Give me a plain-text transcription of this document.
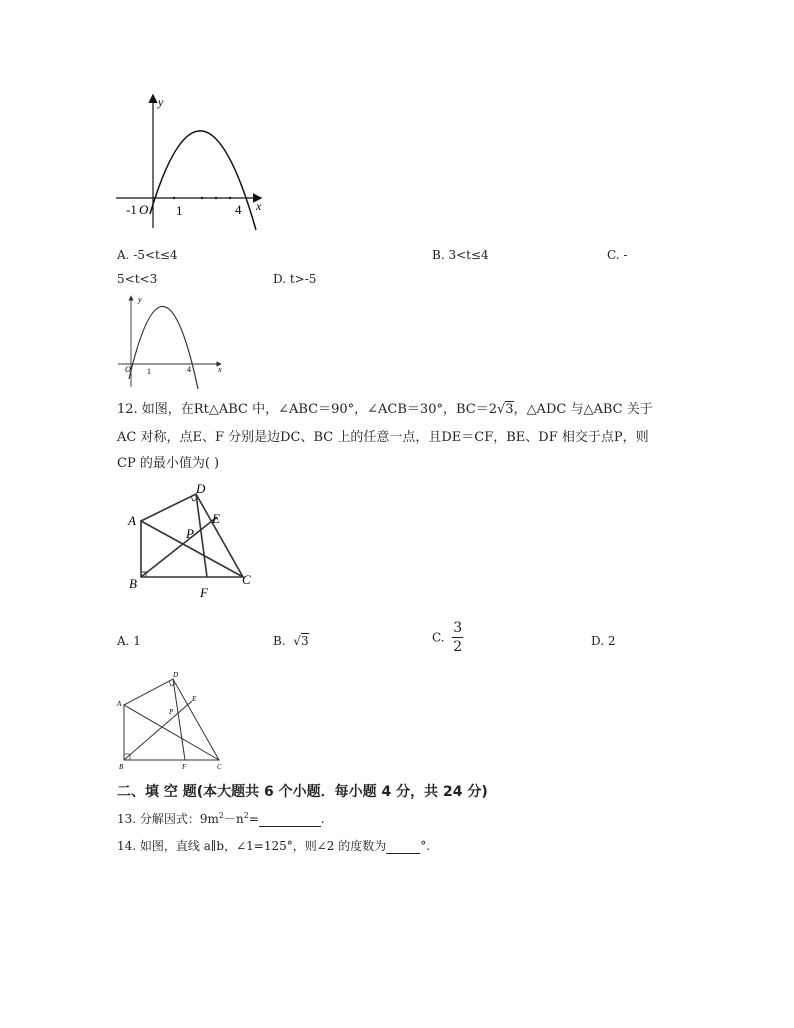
y
x
-1 O 1	4
A. -5<t≤4	B. 3<t≤4	C. -
5<t<3	D. t>-5
y
x
O 1	4
12. 如图，在Rt△ABC 中，∠ABC＝90°，∠ACB＝30°，BC＝2√3，△ADC 与△ABC 关于
AC 对称，点E、F 分别是边DC、BC 上的任意一点，且DE＝CF，BE、DF 相交于点P，则
CP 的最小值为( )
A
D
E
P
B	C
F
A. 1	B. √3	C. $\frac{3}{2}$	D. 2
A
D
E
P
B	F	C
二、填 空 题(本大题共 6 个小题．每小题 4 分，共 24 分)
13. 分解因式：$9m^2-n^2=$	.
14. 如图，直线 a∥b，∠1=125°，则∠2 的度数为	°.
